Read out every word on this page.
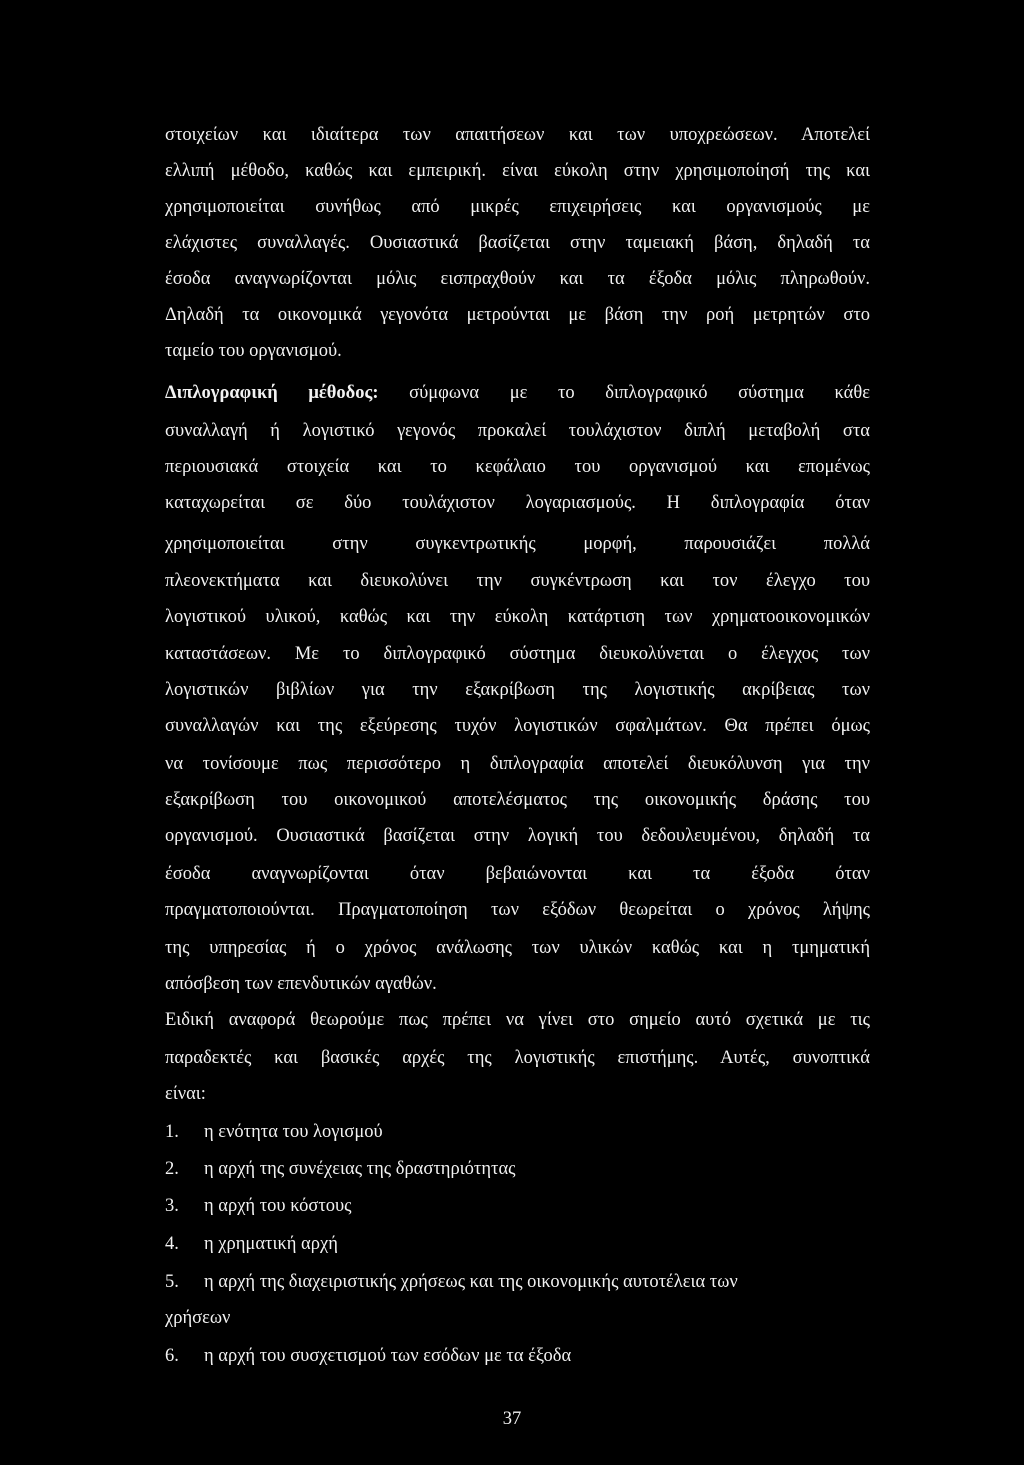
στοιχείων και ιδιαίτερα των απαιτήσεων και των υποχρεώσεων. Αποτελεί
ελλιπή μέθοδο, καθώς και εμπειρική. είναι εύκολη στην χρησιμοποίησή της και
χρησιμοποιείται συνήθως από μικρές επιχειρήσεις και οργανισμούς με
ελάχιστες συναλλαγές. Ουσιαστικά βασίζεται στην ταμειακή βάση, δηλαδή τα
έσοδα αναγνωρίζονται μόλις εισπραχθούν και τα έξοδα μόλις πληρωθούν.
Δηλαδή τα οικονομικά γεγονότα μετρούνται με βάση την ροή μετρητών στο
ταμείο του οργανισμού.
Διπλογραφική μέθοδος: σύμφωνα με το διπλογραφικό σύστημα κάθε
συναλλαγή ή λογιστικό γεγονός προκαλεί τουλάχιστον διπλή μεταβολή στα
περιουσιακά στοιχεία και το κεφάλαιο του οργανισμού και επομένως
καταχωρείται σε δύο τουλάχιστον λογαριασμούς. Η διπλογραφία όταν
χρησιμοποιείται στην συγκεντρωτικής μορφή, παρουσιάζει πολλά
πλεονεκτήματα και διευκολύνει την συγκέντρωση και τον έλεγχο του
λογιστικού υλικού, καθώς και την εύκολη κατάρτιση των χρηματοοικονομικών
καταστάσεων. Με το διπλογραφικό σύστημα διευκολύνεται ο έλεγχος των
λογιστικών βιβλίων για την εξακρίβωση της λογιστικής ακρίβειας των
συναλλαγών και της εξεύρεσης τυχόν λογιστικών σφαλμάτων. Θα πρέπει όμως
να τονίσουμε πως περισσότερο η διπλογραφία αποτελεί διευκόλυνση για την
εξακρίβωση του οικονομικού αποτελέσματος της οικονομικής δράσης του
οργανισμού. Ουσιαστικά βασίζεται στην λογική του δεδουλευμένου, δηλαδή τα
έσοδα αναγνωρίζονται όταν βεβαιώνονται και τα έξοδα όταν
πραγματοποιούνται. Πραγματοποίηση των εξόδων θεωρείται ο χρόνος λήψης
της υπηρεσίας ή ο χρόνος ανάλωσης των υλικών καθώς και η τμηματική
απόσβεση των επενδυτικών αγαθών.
Ειδική αναφορά θεωρούμε πως πρέπει να γίνει στο σημείο αυτό σχετικά με τις
παραδεκτές και βασικές αρχές της λογιστικής επιστήμης. Αυτές, συνοπτικά
είναι:
1. η ενότητα του λογισμού
2. η αρχή της συνέχειας της δραστηριότητας
3. η αρχή του κόστους
4. η χρηματική αρχή
5. η αρχή της διαχειριστικής χρήσεως και της οικονομικής αυτοτέλεια των
χρήσεων
6. η αρχή του συσχετισμού των εσόδων με τα έξοδα
37
